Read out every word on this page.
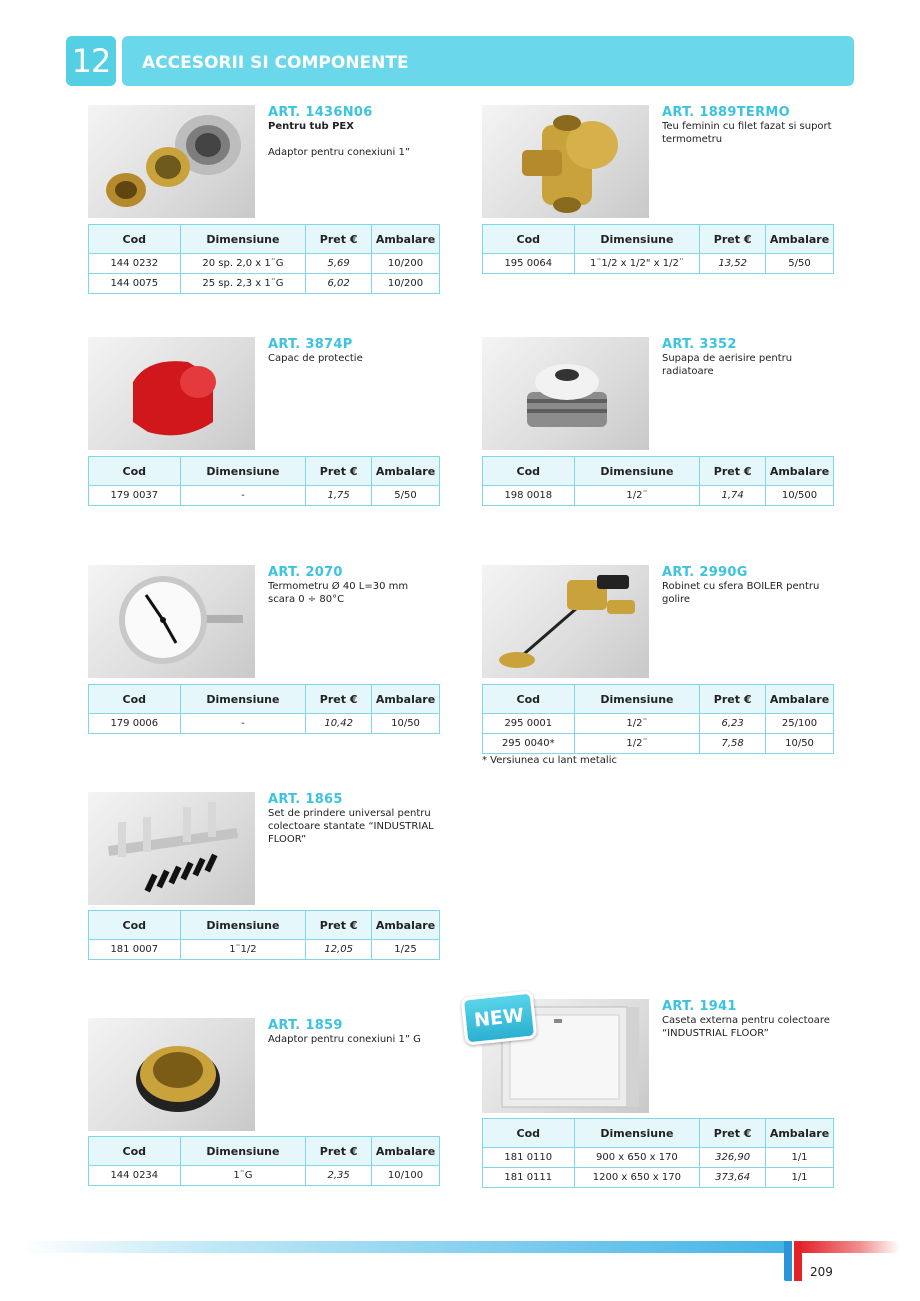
12	ACCESORII SI COMPONENTE
ART. 1436N06
Pentru tub PEX
Adaptor pentru conexiuni 1”
Cod	Dimensiune	Pret €	Ambalare
144 0232	20 sp. 2,0 x 1¨G	5,69	10/200
144 0075	25 sp. 2,3 x 1¨G	6,02	10/200
ART. 1889TERMO
Teu feminin cu filet fazat si suport
termometru
Cod	Dimensiune	Pret €	Ambalare
195 0064	1¨1/2 x 1/2" x 1/2¨	13,52	5/50
ART. 3874P
Capac de protectie
Cod	Dimensiune	Pret €	Ambalare
179 0037	-	1,75	5/50
ART. 3352
Supapa de aerisire pentru
radiatoare
Cod	Dimensiune	Pret €	Ambalare
198 0018	1/2¨	1,74	10/500
ART. 2070
Termometru Ø 40 L=30 mm
scara 0 ÷ 80°C
Cod	Dimensiune	Pret €	Ambalare
179 0006	-	10,42	10/50
ART. 2990G
Robinet cu sfera BOILER pentru
golire
Cod	Dimensiune	Pret €	Ambalare
295 0001	1/2¨	6,23	25/100
295 0040*	1/2¨	7,58	10/50
* Versiunea cu lant metalic
ART. 1865
Set de prindere universal pentru
colectoare stantate “INDUSTRIAL
FLOOR”
Cod	Dimensiune	Pret €	Ambalare
181 0007	1¨1/2	12,05	1/25
ART. 1859
Adaptor pentru conexiuni 1” G
Cod	Dimensiune	Pret €	Ambalare
144 0234	1¨G	2,35	10/100
ART. 1941
Caseta externa pentru colectoare
“INDUSTRIAL FLOOR”
Cod	Dimensiune	Pret €	Ambalare
181 0110	900 x 650 x 170	326,90	1/1
181 0111	1200 x 650 x 170	373,64	1/1
NEW
209
